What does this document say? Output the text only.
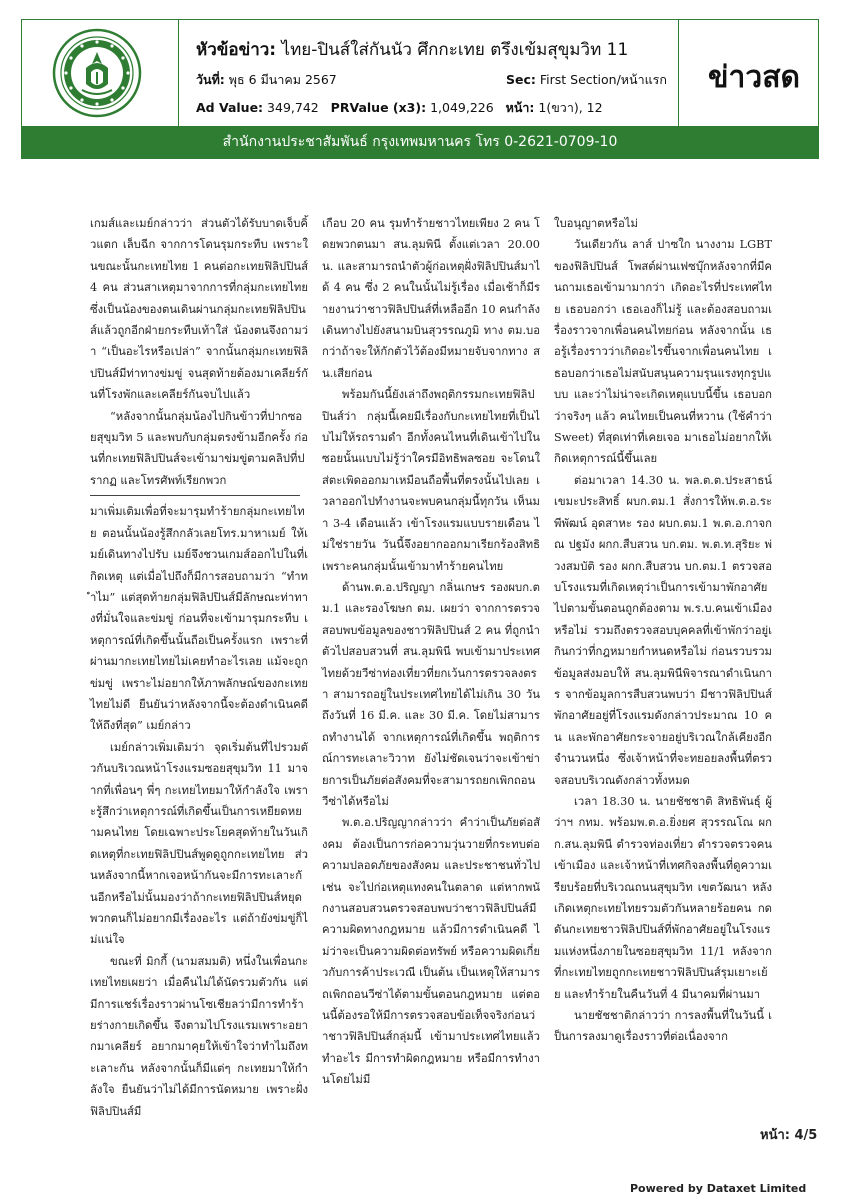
หัวข้อข่าว: ไทย-ปินส์ใส่กันนัว ศึกกะเทย ตรึงเข้มสุขุมวิท 11
วันที่: พุธ 6 มีนาคม 2567	Sec: First Section/หน้าแรก
Ad Value: 349,742 PRValue (x3): 1,049,226 หน้า: 1(ขวา), 12
ข่าวสด
สำนักงานประชาสัมพันธ์ กรุงเทพมหานคร โทร 0-2621-0709-10

เกมส์และเมย์กล่าวว่า ส่วนตัวได้รับบาดเจ็บคิ้วแตก เล็บฉีก จากการโดนรุมกระทืบ เพราะในขณะนั้นกะเทยไทย 1 คนต่อกะเทยฟิลิปปินส์ 4 คน ส่วนสาเหตุมาจากการที่กลุ่มกะเทยไทยซึ่งเป็นน้องของตนเดินผ่านกลุ่มกะเทยฟิลิปปินส์แล้วถูกอีกฝ่ายกระทืบเท้าใส่ น้องตนจึงถามว่า “เป็นอะไรหรือเปล่า” จากนั้นกลุ่มกะเทยฟิลิปปินส์มีท่าทางข่มขู่ จนสุดท้ายต้องมาเคลียร์กันที่โรงพักและเคลียร์กันจบไปแล้ว

“หลังจากนั้นกลุ่มน้องไปกินข้าวที่ปากซอยสุขุมวิท 5 และพบกับกลุ่มตรงข้ามอีกครั้ง ก่อนที่กะเทยฟิลิปปินส์จะเข้ามาข่มขู่ตามคลิปที่ปรากฏ และโทรศัพท์เรียกพวก

มาเพิ่มเติมเพื่อที่จะมารุมทำร้ายกลุ่มกะเทยไทย ตอนนั้นน้องรู้สึกกลัวเลยโทร.มาหาเมย์ ให้เมย์เดินทางไปรับ เมย์จึงชวนเกมส์ออกไปในที่เกิดเหตุ แต่เมื่อไปถึงก็มีการสอบถามว่า “ทำทำไม” แต่สุดท้ายกลุ่มฟิลิปปินส์มีลักษณะท่าทางที่มั่นใจและข่มขู่ ก่อนที่จะเข้ามารุมกระทืบ เหตุการณ์ที่เกิดขึ้นนั้นถือเป็นครั้งแรก เพราะที่ผ่านมากะเทยไทยไม่เคยทำอะไรเลย แม้จะถูกข่มขู่ เพราะไม่อยากให้ภาพลักษณ์ของกะเทยไทยไม่ดี ยืนยันว่าหลังจากนี้จะต้องดำเนินคดีให้ถึงที่สุด” เมย์กล่าว

เมย์กล่าวเพิ่มเติมว่า จุดเริ่มต้นที่ไปรวมตัวกันบริเวณหน้าโรงแรมซอยสุขุมวิท 11 มาจากที่เพื่อนๆ พี่ๆ กะเทยไทยมาให้กำลังใจ เพราะรู้สึกว่าเหตุการณ์ที่เกิดขึ้นเป็นการเหยียดหยามคนไทย โดยเฉพาะประโยคสุดท้ายในวันเกิดเหตุที่กะเทยฟิลิปปินส์พูดดูถูกกะเทยไทย ส่วนหลังจากนี้หากเจอหน้ากันจะมีการทะเลาะกันอีกหรือไม่นั้นมองว่าถ้ากะเทยฟิลิปปินส์หยุด พวกตนก็ไม่อยากมีเรื่องอะไร แต่ถ้ายังข่มขู่ก็ไม่แน่ใจ

ขณะที่ มิกกี้ (นามสมมติ) หนึ่งในเพื่อนกะเทยไทยเผยว่า เมื่อคืนไม่ได้นัดรวมตัวกัน แต่มีการแชร์เรื่องราวผ่านโซเชียลว่ามีการทำร้ายร่างกายเกิดขึ้น จึงตามไปโรงแรมเพราะอยากมาเคลียร์ อยากมาคุยให้เข้าใจว่าทำไมถึงทะเลาะกัน หลังจากนั้นก็มีแต่ๆ กะเทยมาให้กำลังใจ ยืนยันว่าไม่ได้มีการนัดหมาย เพราะฝั่งฟิลิปปินส์มี

เกือบ 20 คน รุมทำร้ายชาวไทยเพียง 2 คน โดยพวกตนมา สน.ลุมพินี ตั้งแต่เวลา 20.00 น. และสามารถนำตัวผู้ก่อเหตุฝั่งฟิลิปปินส์มาได้ 4 คน ซึ่ง 2 คนในนั้นไม่รู้เรื่อง เมื่อเช้าก็มีรายงานว่าชาวฟิลิปปินส์ที่เหลืออีก 10 คนกำลังเดินทางไปยังสนามบินสุวรรณภูมิ ทาง ตม.บอกว่าถ้าจะให้กักตัวไว้ต้องมีหมายจับจากทาง สน.เสียก่อน

พร้อมกันนี้ยังเล่าถึงพฤติกรรมกะเทยฟิลิปปินส์ว่า กลุ่มนี้เคยมีเรื่องกับกะเทยไทยที่เป็นไบไม่ให้รถรามดำ อีกทั้งคนไหนที่เดินเข้าไปในซอยนั้นแบบไม่รู้ว่าใครมีอิทธิพลซอย จะโดนใส่ตะเพิดออกมาเหมือนถือพื้นที่ตรงนั้นไปเลย เวลาออกไปทำงานจะพบคนกลุ่มนี้ทุกวัน เห็นมา 3-4 เดือนแล้ว เข้าโรงแรมแบบรายเดือน ไม่ใช่รายวัน วันนี้จึงอยากออกมาเรียกร้องสิทธิเพราะคนกลุ่มนั้นเข้ามาทำร้ายคนไทย

ด้านพ.ต.อ.ปริญญา กลิ่นเกษร รองผบก.ตม.1 และรองโฆษก ตม. เผยว่า จากการตรวจสอบพบข้อมูลของชาวฟิลิปปินส์ 2 คน ที่ถูกนำตัวไปสอบสวนที่ สน.ลุมพินี พบเข้ามาประเทศไทยด้วยวีซ่าท่องเที่ยวที่ยกเว้นการตรวจลงตรา สามารถอยู่ในประเทศไทยได้ไม่เกิน 30 วัน ถึงวันที่ 16 มี.ค. และ 30 มี.ค. โดยไม่สามารถทำงานได้ จากเหตุการณ์ที่เกิดขึ้น พฤติการณ์การทะเลาะวิวาท ยังไม่ชัดเจนว่าจะเข้าข่ายการเป็นภัยต่อสังคมที่จะสามารถยกเพิกถอนวีซ่าได้หรือไม่

พ.ต.อ.ปริญญากล่าวว่า คำว่าเป็นภัยต่อสังคม ต้องเป็นการก่อความวุ่นวายที่กระทบต่อความปลอดภัยของสังคม และประชาชนทั่วไป เช่น จะไปก่อเหตุแทงคนในตลาด แต่หากพนักงานสอบสวนตรวจสอบพบว่าชาวฟิลิปปินส์มีความผิดทางกฎหมาย แล้วมีการดำเนินคดี ไม่ว่าจะเป็นความผิดต่อทรัพย์ หรือความผิดเกี่ยวกับการค้าประเวณี เป็นต้น เป็นเหตุให้สามารถเพิกถอนวีซ่าได้ตามขั้นตอนกฎหมาย แต่ตอนนี้ต้องรอให้มีการตรวจสอบข้อเท็จจริงก่อนว่าชาวฟิลิปปินส์กลุ่มนี้ เข้ามาประเทศไทยแล้วทำอะไร มีการทำผิดกฎหมาย หรือมีการทำงานโดยไม่มี

ใบอนุญาตหรือไม่

วันเดียวกัน ลาส์ ปาซใก นางงาม LGBT ของฟิลิปปินส์ โพสต์ผ่านเฟซบุ๊กหลังจากที่มีคนถามเธอเข้ามามากว่า เกิดอะไรที่ประเทศไทย เธอบอกว่า เธอเองก็ไม่รู้ และต้องสอบถามเรื่องราวจากเพื่อนคนไทยก่อน หลังจากนั้น เธอรู้เรื่องราวว่าเกิดอะไรขึ้นจากเพื่อนคนไทย เธอบอกว่าเธอไม่สนับสนุนความรุนแรงทุกรูปแบบ และว่าไม่น่าจะเกิดเหตุแบบนี้ขึ้น เธอบอกว่าจริงๆ แล้ว คนไทยเป็นคนที่หวาน (ใช้คำว่า Sweet) ที่สุดเท่าที่เคยเจอ มาเธอไม่อยากให้เกิดเหตุการณ์นี้ขึ้นเลย

ต่อมาเวลา 14.30 น. พล.ต.ต.ประสาธน์ เขมะประสิทธิ์ ผบก.ตม.1 สั่งการให้พ.ต.อ.ระพีพัฒน์ อุดสาหะ รอง ผบก.ตม.1 พ.ต.อ.กาจกณ ปฐมัง ผกก.สืบสวน บก.ตม. พ.ต.ท.สุริยะ พ่วงสมบัติ รอง ผกก.สืบสวน บก.ตม.1 ตรวจสอบโรงแรมที่เกิดเหตุว่าเป็นการเข้ามาพักอาศัยไปตามขั้นตอนถูกต้องตาม พ.ร.บ.คนเข้าเมืองหรือไม่ รวมถึงตรวจสอบบุคคลที่เข้าพักว่าอยู่เกินกว่าที่กฎหมายกำหนดหรือไม่ ก่อนรวบรวมข้อมูลส่งมอบให้ สน.ลุมพินีพิจารณาดำเนินการ จากข้อมูลการสืบสวนพบว่า มีชาวฟิลิปปินส์พักอาศัยอยู่ที่โรงแรมดังกล่าวประมาณ 10 คน และพักอาศัยกระจายอยู่บริเวณใกล้เคียงอีกจำนวนหนึ่ง ซึ่งเจ้าหน้าที่จะทยอยลงพื้นที่ตรวจสอบบริเวณดังกล่าวทั้งหมด

เวลา 18.30 น. นายชัชชาติ สิทธิพันธุ์ ผู้ว่าฯ กทม. พร้อมพ.ต.อ.ยิ่งยศ สุวรรณโณ ผกก.สน.ลุมพินี ตำรวจท่องเที่ยว ตำรวจตรวจคนเข้าเมือง และเจ้าหน้าที่เทศกิจลงพื้นที่ดูความเรียบร้อยที่บริเวณถนนสุขุมวิท เขตวัฒนา หลังเกิดเหตุกะเทยไทยรวมตัวกันหลายร้อยคน กดดันกะเทยชาวฟิลิปปินส์ที่พักอาศัยอยู่ในโรงแรมแห่งหนึ่งภายในซอยสุขุมวิท 11/1 หลังจากที่กะเทยไทยถูกกะเทยชาวฟิลิปปินส์รุมเยาะเย้ย และทำร้ายในคืนวันที่ 4 มีนาคมที่ผ่านมา

นายชัชชาติกล่าวว่า การลงพื้นที่ในวันนี้ เป็นการลงมาดูเรื่องราวที่ต่อเนื่องจาก

หน้า: 4/5
Powered by Dataxet Limited
